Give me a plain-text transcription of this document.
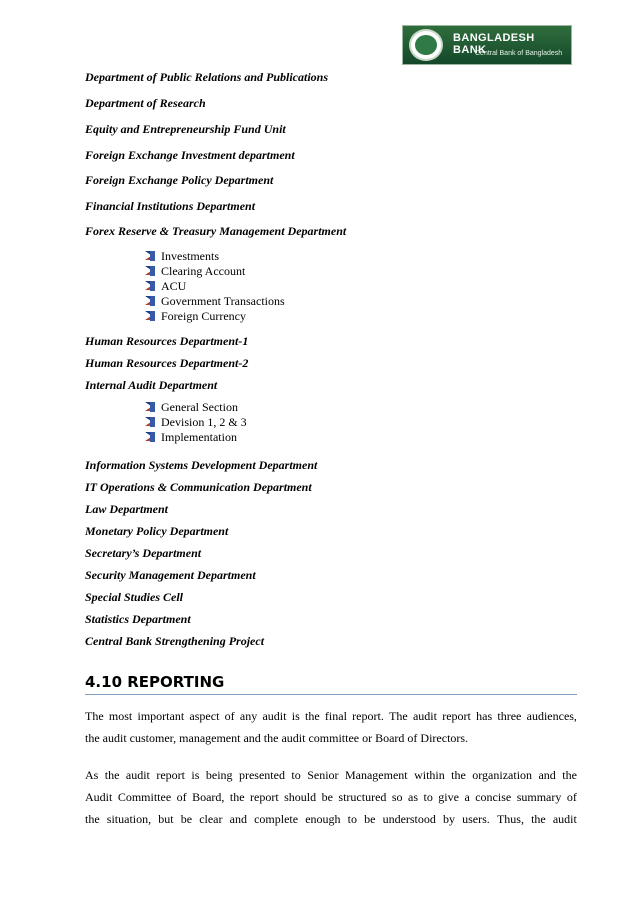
BANGLADESH BANK
Central Bank of Bangladesh
Department of Public Relations and Publications
Department of Research
Equity and Entrepreneurship Fund Unit
Foreign Exchange Investment department
Foreign Exchange Policy Department
Financial Institutions Department
Forex Reserve & Treasury Management Department
Investments
Clearing Account
ACU
Government Transactions
Foreign Currency
Human Resources Department-1
Human Resources Department-2
Internal Audit Department
General Section
Devision 1, 2 & 3
Implementation
Information Systems Development Department
IT Operations & Communication Department
Law Department
Monetary Policy Department
Secretary’s Department
Security Management Department
Special Studies Cell
Statistics Department
Central Bank Strengthening Project
4.10 REPORTING
The most important aspect of any audit is the final report. The audit report has three audiences,
the audit customer, management and the audit committee or Board of Directors.
As the audit report is being presented to Senior Management within the organization and the
Audit Committee of Board, the report should be structured so as to give a concise summary of
the situation, but be clear and complete enough to be understood by users. Thus, the audit
